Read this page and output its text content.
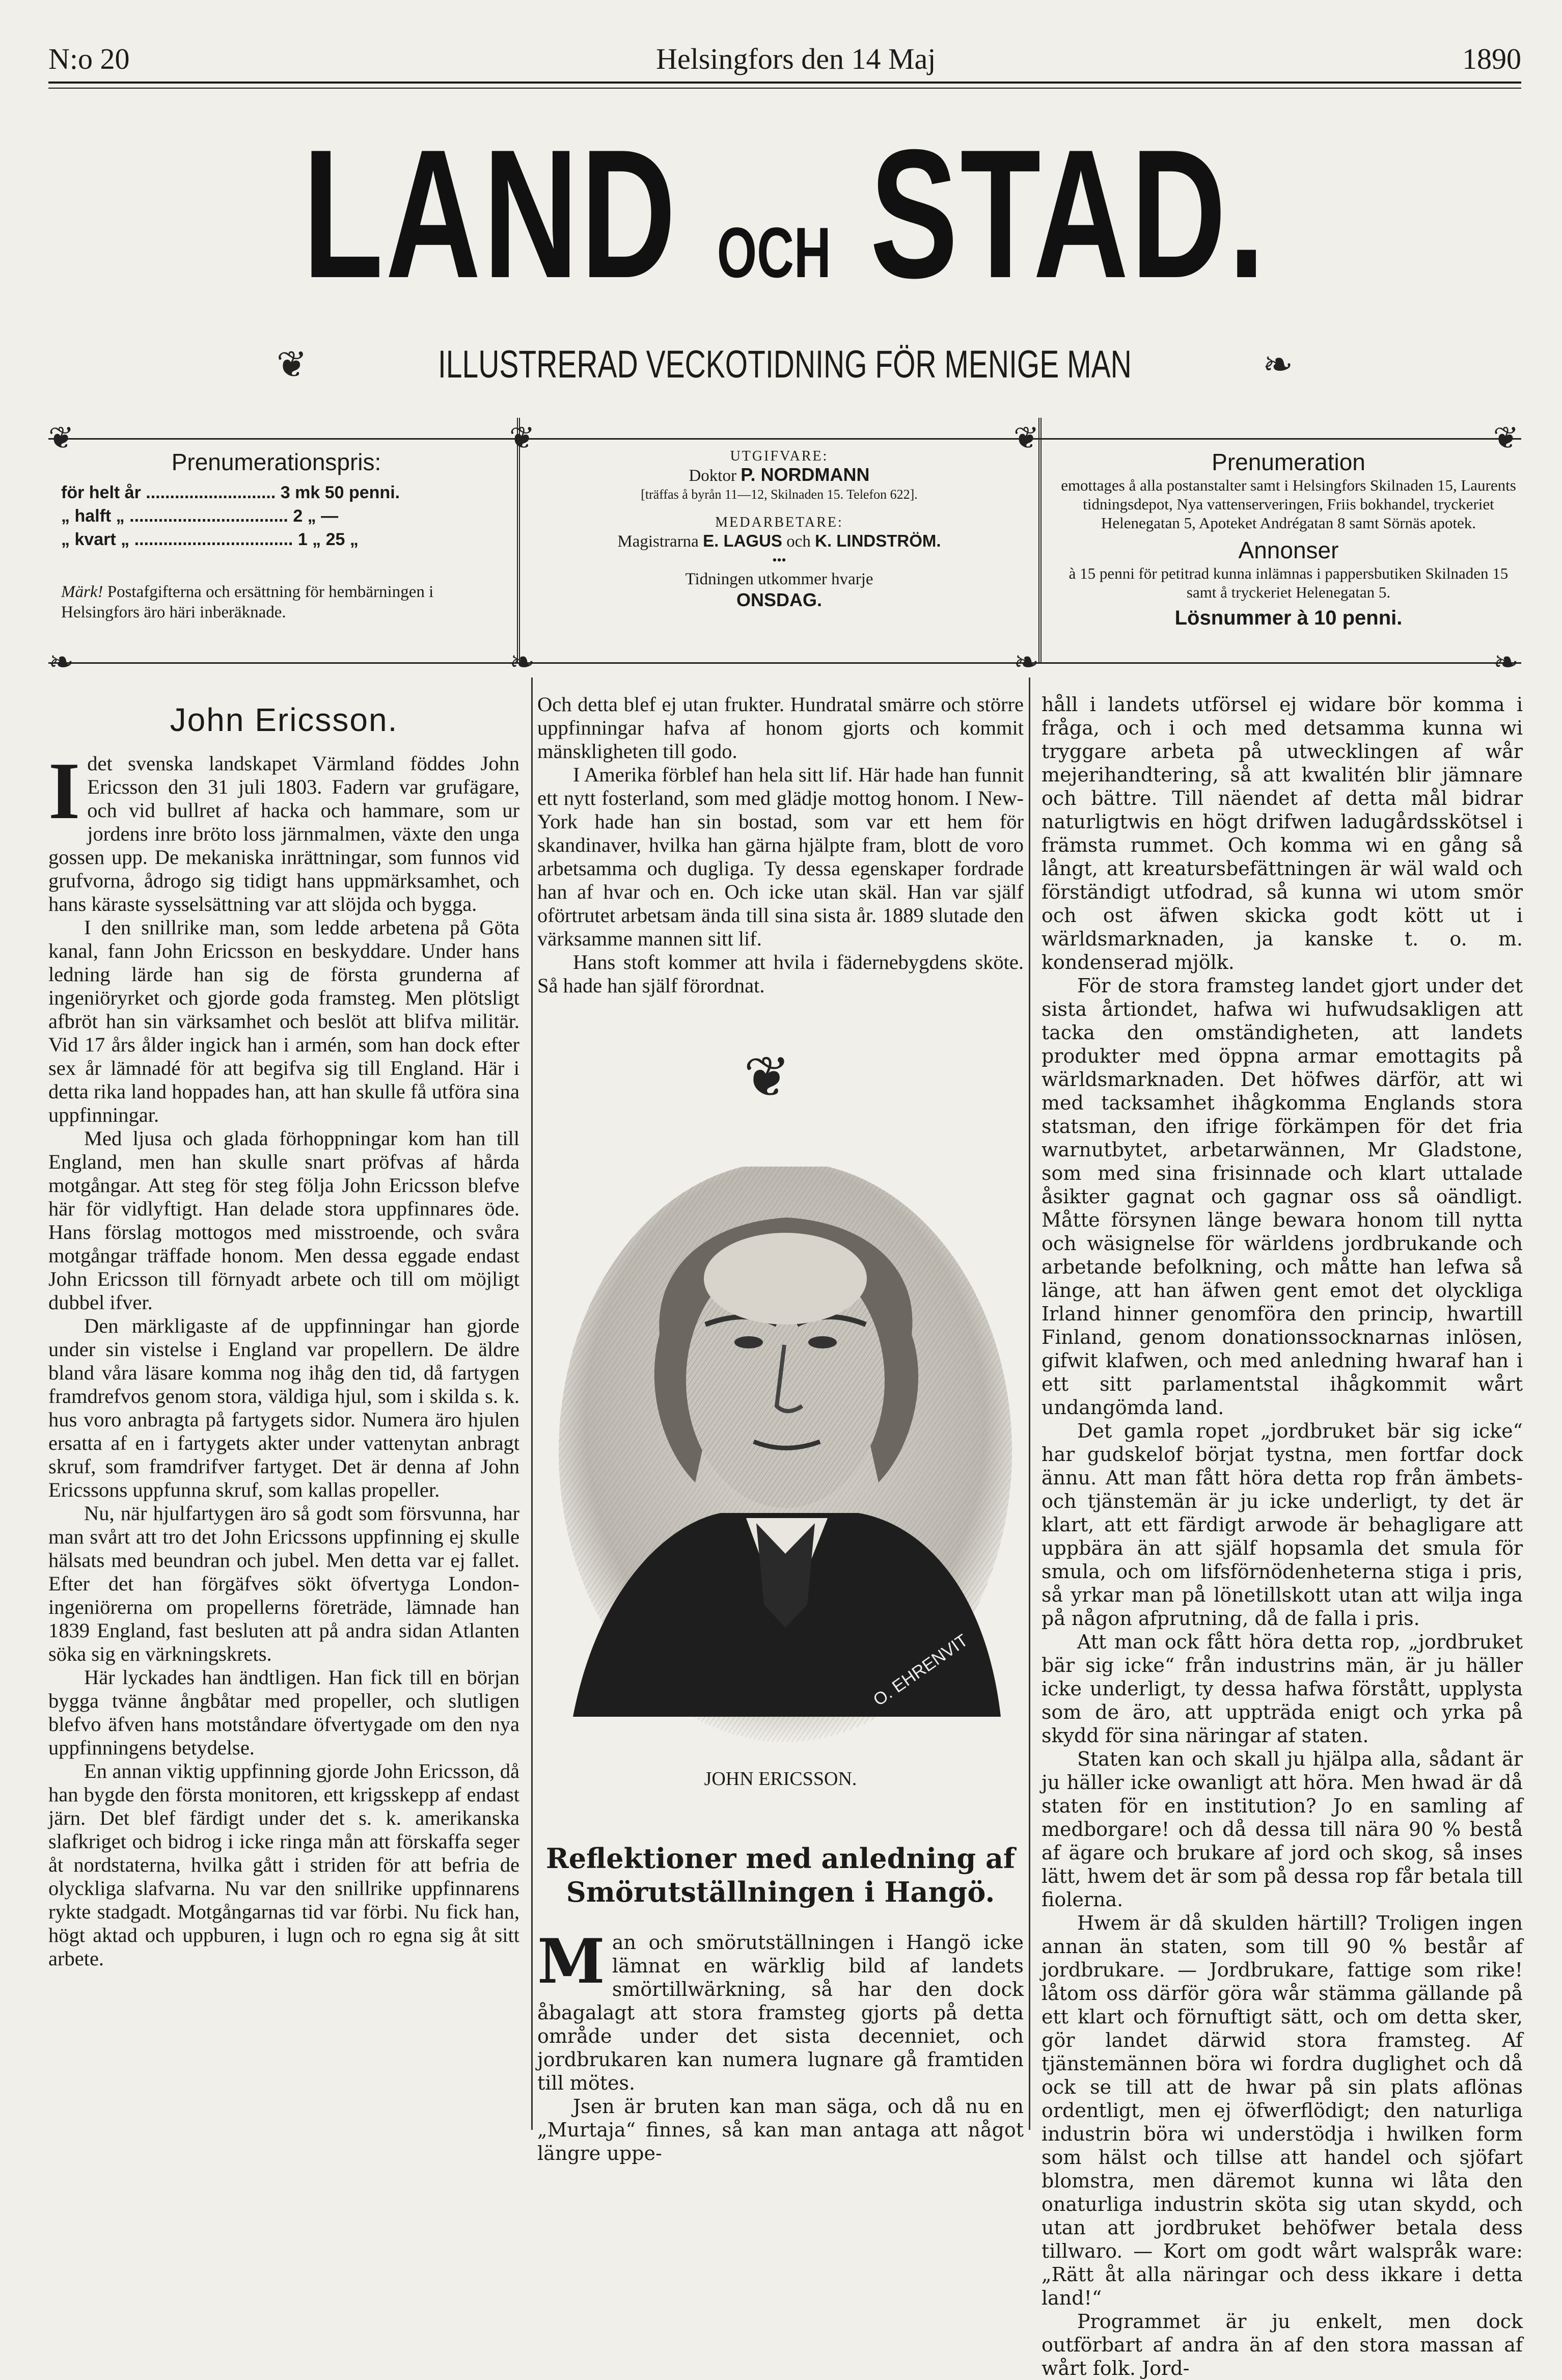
N:o 20	Helsingfors den 14 Maj	1890
LAND OCH STAD.
❦	ILLUSTRERAD VECKOTIDNING FÖR MENIGE MAN	❧
❦	❦	❦	❦
❧	❧	❧	❧
Prenumerationspris:
för helt år ........................... 3 mk 50 penni.
„ halft „ ................................. 2 „ —
„ kvart „ ................................. 1 „ 25 „
Märk! Postafgifterna och ersättning för hembärningen i Helsingfors äro häri inberäknade.
UTGIFVARE:
Doktor P. NORDMANN
[träffas å byrån 11—12, Skilnaden 15. Telefon 622].
MEDARBETARE:
Magistrarna E. LAGUS och K. LINDSTRÖM.
•••
Tidningen utkommer hvarje
ONSDAG.
Prenumeration
emottages å alla postanstalter samt i Helsingfors Skilnaden 15, Laurents tidningsdepot, Nya vattenserveringen, Friis bokhandel, tryckeriet Helenegatan 5, Apoteket Andrégatan 8 samt Sörnäs apotek.
Annonser
à 15 penni för petitrad kunna inlämnas i pappersbutiken Skilnaden 15 samt å tryckeriet Helenegatan 5.
Lösnummer à 10 penni.
John Ericsson.

Idet svenska landskapet Värmland föddes John Ericsson den 31 juli 1803. Fadern var grufägare, och vid bullret af hacka och hammare, som ur jordens inre bröto loss järnmalmen, växte den unga gossen upp. De mekaniska inrättningar, som funnos vid grufvorna, ådrogo sig tidigt hans uppmärksamhet, och hans käraste sysselsättning var att slöjda och bygga.

I den snillrike man, som ledde arbetena på Göta kanal, fann John Ericsson en beskyddare. Under hans ledning lärde han sig de första grunderna af ingeniöryrket och gjorde goda framsteg. Men plötsligt afbröt han sin värksamhet och beslöt att blifva militär. Vid 17 års ålder ingick han i armén, som han dock efter sex år lämnadé för att begifva sig till England. Här i detta rika land hoppades han, att han skulle få utföra sina uppfinningar.

Med ljusa och glada förhoppningar kom han till England, men han skulle snart pröfvas af hårda motgångar. Att steg för steg följa John Ericsson blefve här för vidlyftigt. Han delade stora uppfinnares öde. Hans förslag mottogos med misstroende, och svåra motgångar träffade honom. Men dessa eggade endast John Ericsson till förnyadt arbete och till om möjligt dubbel ifver.

Den märkligaste af de uppfinningar han gjorde under sin vistelse i England var propellern. De äldre bland våra läsare komma nog ihåg den tid, då fartygen framdrefvos genom stora, väldiga hjul, som i skilda s. k. hus voro anbragta på fartygets sidor. Numera äro hjulen ersatta af en i fartygets akter under vattenytan anbragt skruf, som framdrifver fartyget. Det är denna af John Ericssons uppfunna skruf, som kallas propeller.

Nu, när hjulfartygen äro så godt som försvunna, har man svårt att tro det John Ericssons uppfinning ej skulle hälsats med beundran och jubel. Men detta var ej fallet. Efter det han förgäfves sökt öfvertyga London-ingeniörerna om propellerns företräde, lämnade han 1839 England, fast besluten att på andra sidan Atlanten söka sig en värkningskrets.

Här lyckades han ändtligen. Han fick till en början bygga tvänne ångbåtar med propeller, och slutligen blefvo äfven hans motståndare öfvertygade om den nya uppfinningens betydelse.

En annan viktig uppfinning gjorde John Ericsson, då han bygde den första monitoren, ett krigsskepp af endast järn. Det blef färdigt under det s. k. amerikanska slafkriget och bidrog i icke ringa mån att förskaffa seger åt nordstaterna, hvilka gått i striden för att befria de olyckliga slafvarna. Nu var den snillrike uppfinnarens rykte stadgadt. Motgångarnas tid var förbi. Nu fick han, högt aktad och uppburen, i lugn och ro egna sig åt sitt arbete.

Och detta blef ej utan frukter. Hundratal smärre och större uppfinningar hafva af honom gjorts och kommit mänskligheten till godo.

I Amerika förblef han hela sitt lif. Här hade han funnit ett nytt fosterland, som med glädje mottog honom. I New-York hade han sin bostad, som var ett hem för skandinaver, hvilka han gärna hjälpte fram, blott de voro arbetsamma och dugliga. Ty dessa egenskaper fordrade han af hvar och en. Och icke utan skäl. Han var själf oförtrutet arbetsam ända till sina sista år. 1889 slutade den värksamme mannen sitt lif.

Hans stoft kommer att hvila i fädernebygdens sköte. Så hade han själf förordnat.

❦
O. EHRENVIT
JOHN ERICSSON.
Reflektioner med anledning af Smörutställningen i Hangö.

Man och smörutställningen i Hangö icke lämnat en wärklig bild af landets smörtillwärkning, så har den dock åbagalagt att stora framsteg gjorts på detta område under det sista decenniet, och jordbrukaren kan numera lugnare gå framtiden till mötes.

Jsen är bruten kan man säga, och då nu en „Murtaja“ finnes, så kan man antaga att något längre uppe-

håll i landets utförsel ej widare bör komma i fråga, och i och med detsamma kunna wi tryggare arbeta på utwecklingen af wår mejerihandtering, så att kwalitén blir jämnare och bättre. Till näendet af detta mål bidrar naturligtwis en högt drifwen ladugårdsskötsel i främsta rummet. Och komma wi en gång så långt, att kreatursbefättningen är wäl wald och förständigt utfodrad, så kunna wi utom smör och ost äfwen skicka godt kött ut i wärldsmarknaden, ja kanske t. o. m. kondenserad mjölk.

För de stora framsteg landet gjort under det sista årtiondet, hafwa wi hufwudsakligen att tacka den omständigheten, att landets produkter med öppna armar emottagits på wärldsmarknaden. Det höfwes därför, att wi med tacksamhet ihågkomma Englands stora statsman, den ifrige förkämpen för det fria warnutbytet, arbetarwännen, Mr Gladstone, som med sina frisinnade och klart uttalade åsikter gagnat och gagnar oss så oändligt. Måtte försynen länge bewara honom till nytta och wäsignelse för wärldens jordbrukande och arbetande befolkning, och måtte han lefwa så länge, att han äfwen gent emot det olyckliga Irland hinner genomföra den princip, hwartill Finland, genom donationssocknarnas inlösen, gifwit klafwen, och med anledning hwaraf han i ett sitt parlamentstal ihågkommit wårt undangömda land.

Det gamla ropet „jordbruket bär sig icke“ har gudskelof börjat tystna, men fortfar dock ännu. Att man fått höra detta rop från ämbets- och tjänstemän är ju icke underligt, ty det är klart, att ett färdigt arwode är behagligare att uppbära än att själf hopsamla det smula för smula, och om lifsförnödenheterna stiga i pris, så yrkar man på lönetillskott utan att wilja inga på någon afprutning, då de falla i pris.

Att man ock fått höra detta rop, „jordbruket bär sig icke“ från industrins män, är ju häller icke underligt, ty dessa hafwa förstått, upplysta som de äro, att uppträda enigt och yrka på skydd för sina näringar af staten.

Staten kan och skall ju hjälpa alla, sådant är ju häller icke owanligt att höra. Men hwad är då staten för en institution? Jo en samling af medborgare! och då dessa till nära 90 % bestå af ägare och brukare af jord och skog, så inses lätt, hwem det är som på dessa rop får betala till fiolerna.

Hwem är då skulden härtill? Troligen ingen annan än staten, som till 90 % består af jordbrukare. — Jordbrukare, fattige som rike! låtom oss därför göra wår stämma gällande på ett klart och förnuftigt sätt, och om detta sker, gör landet därwid stora framsteg. Af tjänstemännen böra wi fordra duglighet och då ock se till att de hwar på sin plats aflönas ordentligt, men ej öfwerflödigt; den naturliga industrin böra wi understödja i hwilken form som hälst och tillse att handel och sjöfart blomstra, men däremot kunna wi låta den onaturliga industrin sköta sig utan skydd, och utan att jordbruket behöfwer betala dess tillwaro. — Kort om godt wårt walspråk ware: „Rätt åt alla näringar och dess ikkare i detta land!“

Programmet är ju enkelt, men dock outförbart af andra än af den stora massan af wårt folk. Jord-
